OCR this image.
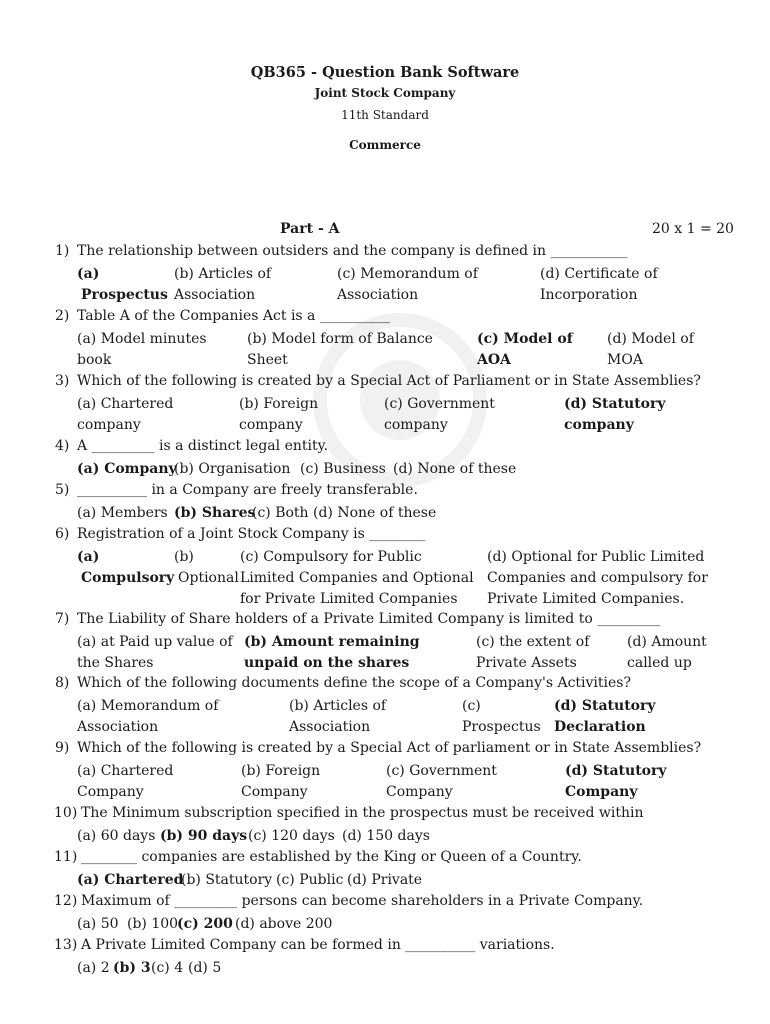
QB365 - Question Bank Software
Joint Stock Company
11th Standard
Commerce
Part - A	20 x 1 = 20
1) The relationship between outsiders and the company is defined in ___________
(a)
Prospectus
(b) Articles of
Association
(c) Memorandum of
Association
(d) Certificate of
Incorporation
2) Table A of the Companies Act is a __________
(a) Model minutes
book
(b) Model form of Balance
Sheet
(c) Model of
AOA
(d) Model of
MOA
3) Which of the following is created by a Special Act of Parliament or in State Assemblies?
(a) Chartered
company
(b) Foreign
company
(c) Government
company
(d) Statutory
company
4) A _________ is a distinct legal entity.
(a) Company
(b) Organisation (c) Business (d) None of these
5) __________ in a Company are freely transferable.
(a) Members (b) Shares
(c) Both (d) None of these
6) Registration of a Joint Stock Company is ________
(a)
Compulsory
(b)
Optional
(c) Compulsory for Public
Limited Companies and Optional
for Private Limited Companies
(d) Optional for Public Limited
Companies and compulsory for
Private Limited Companies.
7) The Liability of Share holders of a Private Limited Company is limited to _________
(a) at Paid up value of
the Shares
(b) Amount remaining
unpaid on the shares
(c) the extent of
Private Assets
(d) Amount
called up
8) Which of the following documents define the scope of a Company's Activities?
(a) Memorandum of
Association
(b) Articles of
Association
(c)
Prospectus
(d) Statutory
Declaration
9) Which of the following is created by a Special Act of parliament or in State Assemblies?
(a) Chartered
Company
(b) Foreign
Company
(c) Government
Company
(d) Statutory
Company
10) The Minimum subscription specified in the prospectus must be received within
(a) 60 days (b) 90 days (c) 120 days (d) 150 days
11) ________ companies are established by the King or Queen of a Country.
(a) Chartered
(b) Statutory (c) Public (d) Private
12) Maximum of _________ persons can become shareholders in a Private Company.
(a) 50 (b) 100
(c) 200 (d) above 200
13) A Private Limited Company can be formed in __________ variations.
(a) 2 (b) 3 (c) 4 (d) 5
